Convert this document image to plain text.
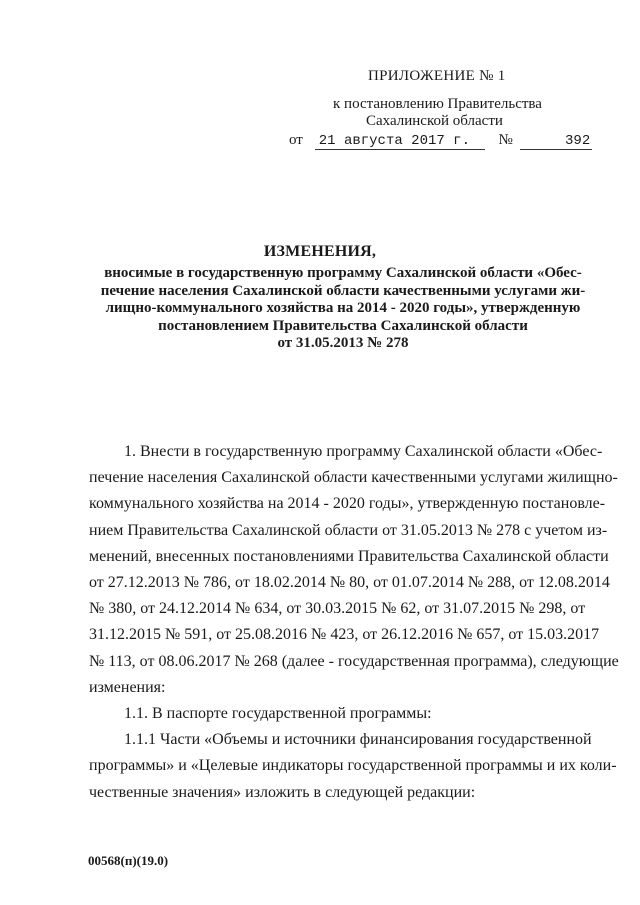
ПРИЛОЖЕНИЕ № 1
к постановлению Правительства
Сахалинской области
от 21 августа 2017 г. №	392
ИЗМЕНЕНИЯ,
вносимые в государственную программу Сахалинской области «Обес-
печение населения Сахалинской области качественными услугами жи-
лищно-коммунального хозяйства на 2014 - 2020 годы», утвержденную
постановлением Правительства Сахалинской области
от 31.05.2013 № 278
1. Внести в государственную программу Сахалинской области «Обес-
печение населения Сахалинской области качественными услугами жилищно-
коммунального хозяйства на 2014 - 2020 годы», утвержденную постановле-
нием Правительства Сахалинской области от 31.05.2013 № 278 с учетом из-
менений, внесенных постановлениями Правительства Сахалинской области
от 27.12.2013 № 786, от 18.02.2014 № 80, от 01.07.2014 № 288, от 12.08.2014
№ 380, от 24.12.2014 № 634, от 30.03.2015 № 62, от 31.07.2015 № 298, от
31.12.2015 № 591, от 25.08.2016 № 423, от 26.12.2016 № 657, от 15.03.2017
№ 113, от 08.06.2017 № 268 (далее - государственная программа), следующие
изменения:
1.1. В паспорте государственной программы:
1.1.1 Части «Объемы и источники финансирования государственной
программы» и «Целевые индикаторы государственной программы и их коли-
чественные значения» изложить в следующей редакции:
00568(п)(19.0)
